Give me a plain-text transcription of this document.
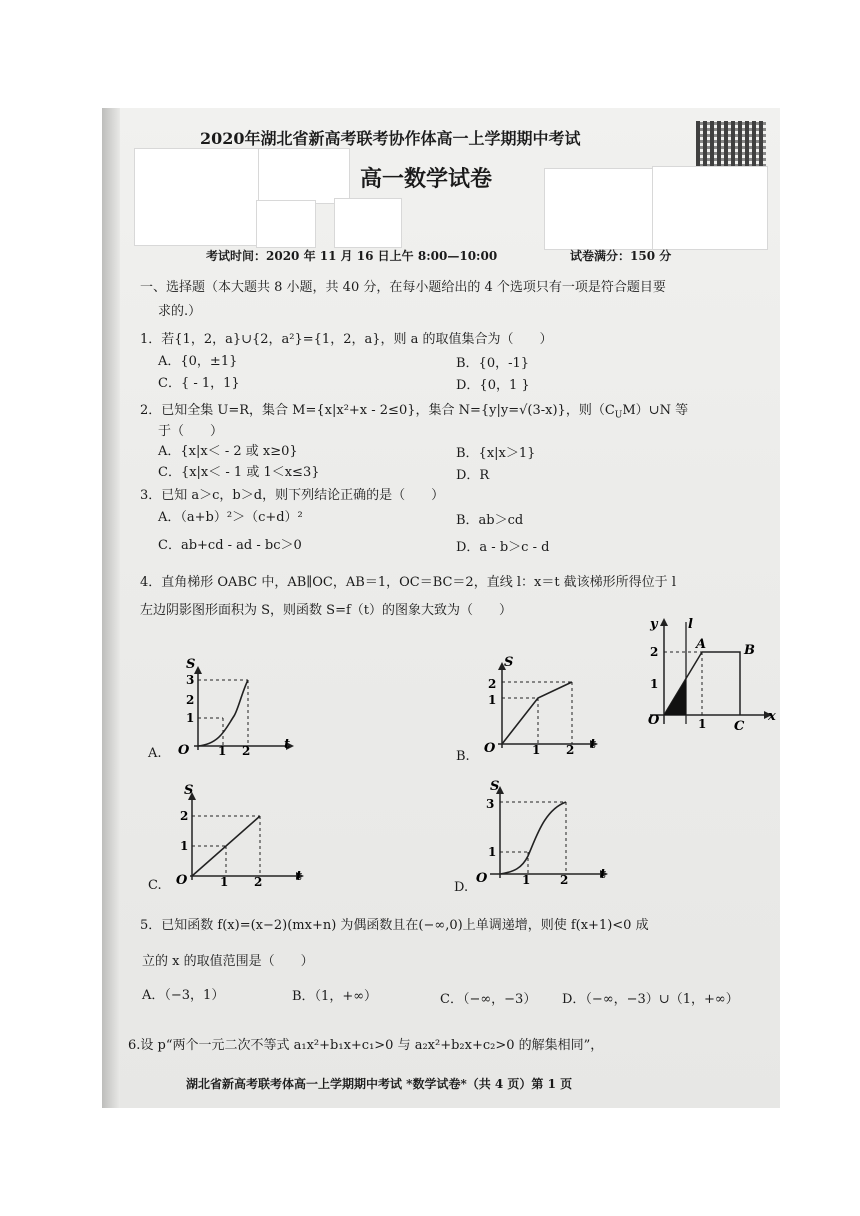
2020年湖北省新高考联考协作体高一上学期期中考试
高一数学试卷
考试时间：2020 年 11 月 16 日上午 8:00—10:00	试卷满分：150 分
一、选择题（本大题共 8 小题，共 40 分，在每小题给出的 4 个选项只有一项是符合题目要
求的.）
1．若{1，2，a}∪{2，a²}={1，2，a}，则 a 的取值集合为（　　）
A．{0，±1}	B．{0，-1}
C．{ - 1，1}	D．{0，1 }
2．已知全集 U=R，集合 M={x|x²+x - 2≤0}，集合 N={y|y=√(3-x)}，则$(C_UM)\cup N$ 等
于（　　）
A．{x|x＜ - 2 或 x≥0}	B．{x|x＞1}
C．{x|x＜ - 1 或 1＜x≤3}	D．R
3．已知 a＞c，b＞d，则下列结论正确的是（　　）
A．（a+b）²＞（c+d）²	B．ab＞cd
C．ab+cd - ad - bc＞0	D．a - b＞c - d
4．直角梯形 OABC 中，AB∥OC，AB＝1，OC＝BC＝2，直线 l：x＝t 截该梯形所得位于 l
左边阴影图形面积为 S，则函数 S=f（t）的图象大致为（　　）
y l
A	B
2
1
O	1 C
x
A.
S
3
2
1
O 1 2	t
B.
S
2
1
O	1 2 t
C.
S
2
1
O	1 2	t
D.
S
3
1
O	1 2 t
5．已知函数 f(x)=(x−2)(mx+n) 为偶函数且在(−∞,0)上单调递增，则使 f(x+1)<0 成
立的 x 的取值范围是（　　）
A．（−3，1）	B．（1，+∞）	C．（−∞，−3） D．（−∞，−3）∪（1，+∞）
6.设 p“两个一元二次不等式 a₁x²+b₁x+c₁>0 与 a₂x²+b₂x+c₂>0 的解集相同”，
湖北省新高考联考体高一上学期期中考试 *数学试卷*（共 4 页）第 1 页
